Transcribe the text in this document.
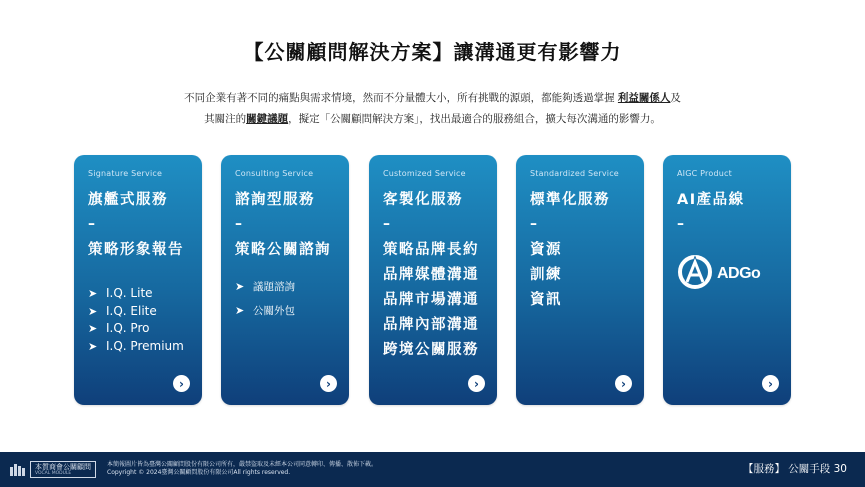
【公關顧問解決方案】讓溝通更有影響力
不同企業有著不同的痛點與需求情境，然而不分量體大小，所有挑戰的源頭，都能夠透過掌握 利益關係人及
其關注的關鍵議題，擬定「公關顧問解決方案」，找出最適合的服務組合，擴大每次溝通的影響力。
Signature Service
旗艦式服務
–
策略形象報告
➤ I.Q. Lite
➤ I.Q. Elite
➤ I.Q. Pro
➤ I.Q. Premium
›
Consulting Service
諮詢型服務
–
策略公關諮詢
➤ 議題諮詢
➤ 公關外包
›
Customized Service
客製化服務
–
策略品牌長約
品牌媒體溝通
品牌市場溝通
品牌內部溝通
跨境公關服務
›
Standardized Service
標準化服務
–
資源
訓練
資訊
›
AIGC Product
AI產品線
–
ADGo
›
本質商會公關顧問
VOCAL MODULE
本簡報圖片皆為臺灣公關顧問股份有限公司所有，嚴禁盜取及未經本公司同意轉印、傳播、散佈下載。
Copyright © 2024臺灣公關顧問股份有限公司All rights reserved.	【服務】 公關手段 30
